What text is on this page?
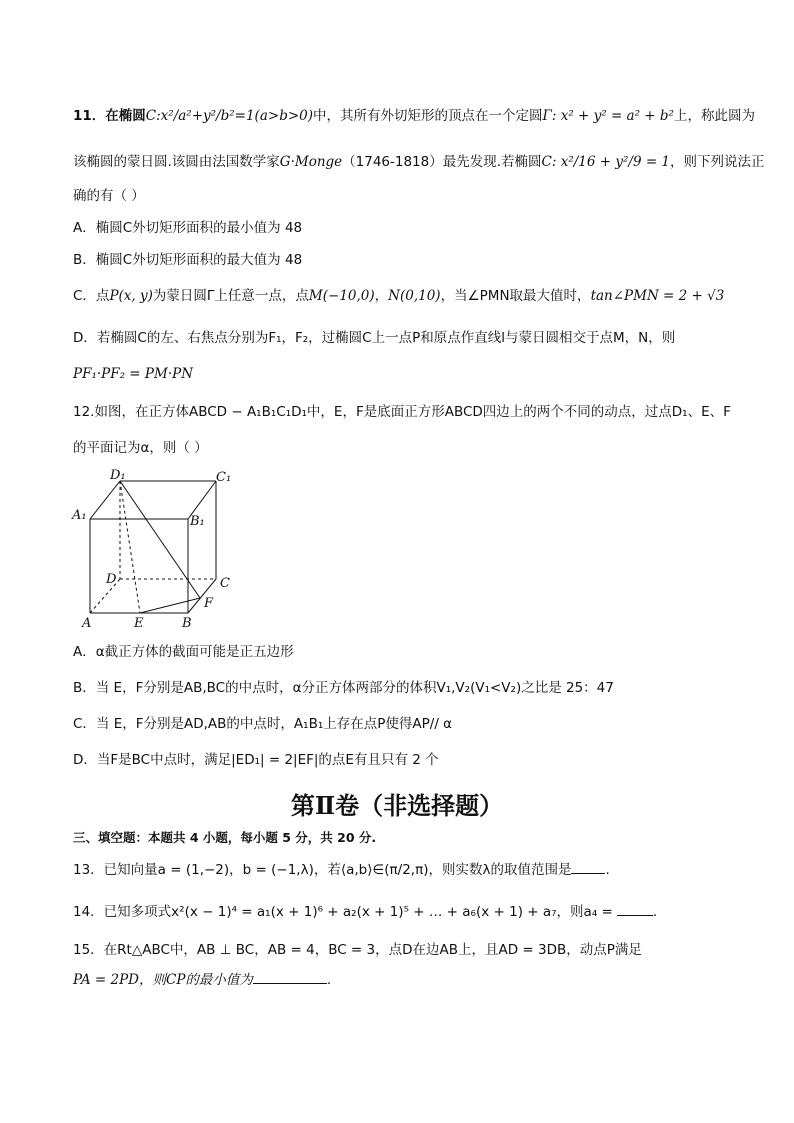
11．在椭圆C:x²/a²+y²/b²=1(a>b>0)中，其所有外切矩形的顶点在一个定圆Γ: x² + y² = a² + b²上，称此圆为
该椭圆的蒙日圆.该圆由法国数学家G·Monge（1746-1818）最先发现.若椭圆C: x²/16 + y²/9 = 1，则下列说法正
确的有（ ）
A．椭圆C外切矩形面积的最小值为 48
B．椭圆C外切矩形面积的最大值为 48
C．点P(x, y)为蒙日圆Γ上任意一点，点M(−10,0)，N(0,10)，当∠PMN取最大值时，tan∠PMN = 2 + √3
D．若椭圆C的左、右焦点分别为F₁，F₂，过椭圆C上一点P和原点作直线l与蒙日圆相交于点M，N，则
PF₁·PF₂ = PM·PN
12.如图，在正方体ABCD − A₁B₁C₁D₁中，E，F是底面正方形ABCD四边上的两个不同的动点，过点D₁、E、F
的平面记为α，则（ ）
D₁	C₁
A₁	B₁
D	C
F
A	E	B
A．α截正方体的截面可能是正五边形
B．当 E，F分别是AB,BC的中点时，α分正方体两部分的体积V₁,V₂(V₁<V₂)之比是 25：47
C．当 E，F分别是AD,AB的中点时，A₁B₁上存在点P使得AP// α
D．当F是BC中点时，满足|ED₁| = 2|EF|的点E有且只有 2 个
第Ⅱ卷（非选择题）
三、填空题：本题共 4 小题，每小题 5 分，共 20 分.
13．已知向量a = (1,−2)，b = (−1,λ)，若⟨a,b⟩∈(π/2,π)，则实数λ的取值范围是	.
14．已知多项式x²(x − 1)⁴ = a₁(x + 1)⁶ + a₂(x + 1)⁵ + … + a₆(x + 1) + a₇，则a₄ =	.
15．在Rt△ABC中，AB ⊥ BC，AB = 4，BC = 3，点D在边AB上，且AD = 3DB，动点P满足
PA = 2PD，则CP的最小值为	.
